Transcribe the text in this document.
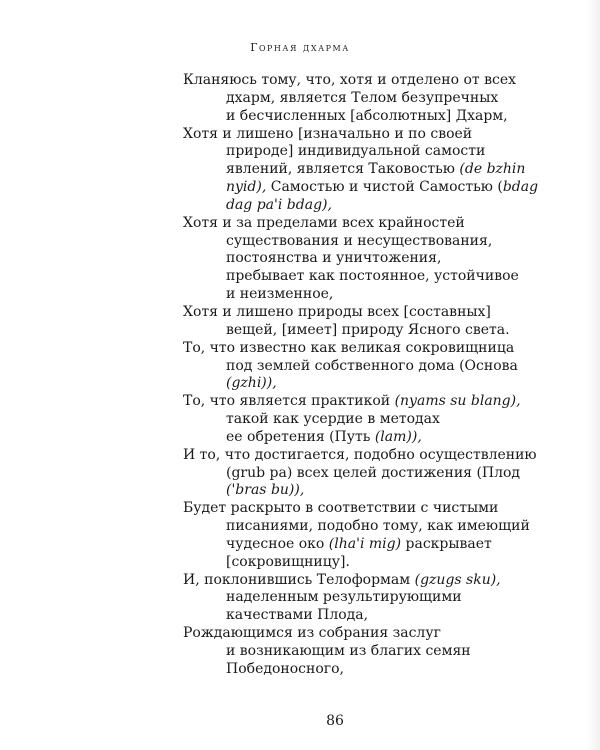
Горная дхарма
Кланяюсь тому, что, хотя и отделено от всех
дхарм, является Телом безупречных
и бесчисленных [абсолютных] Дхарм,
Хотя и лишено [изначально и по своей
природе] индивидуальной самости
явлений, является Таковостью (de bzhin
nyid), Самостью и чистой Самостью (bdag
dag pa'i bdag),
Хотя и за пределами всех крайностей
существования и несуществования,
постоянства и уничтожения,
пребывает как постоянное, устойчивое
и неизменное,
Хотя и лишено природы всех [составных]
вещей, [имеет] природу Ясного света.
То, что известно как великая сокровищница
под землей собственного дома (Основа
(gzhi)),
То, что является практикой (nyams su blang),
такой как усердие в методах
ее обретения (Путь (lam)),
И то, что достигается, подобно осуществлению
(grub pa) всех целей достижения (Плод
('bras bu)),
Будет раскрыто в соответствии с чистыми
писаниями, подобно тому, как имеющий
чудесное око (lha'i mig) раскрывает
[сокровищницу].
И, поклонившись Телоформам (gzugs sku),
наделенным результирующими
качествами Плода,
Рождающимся из собрания заслуг
и возникающим из благих семян
Победоносного,
86
